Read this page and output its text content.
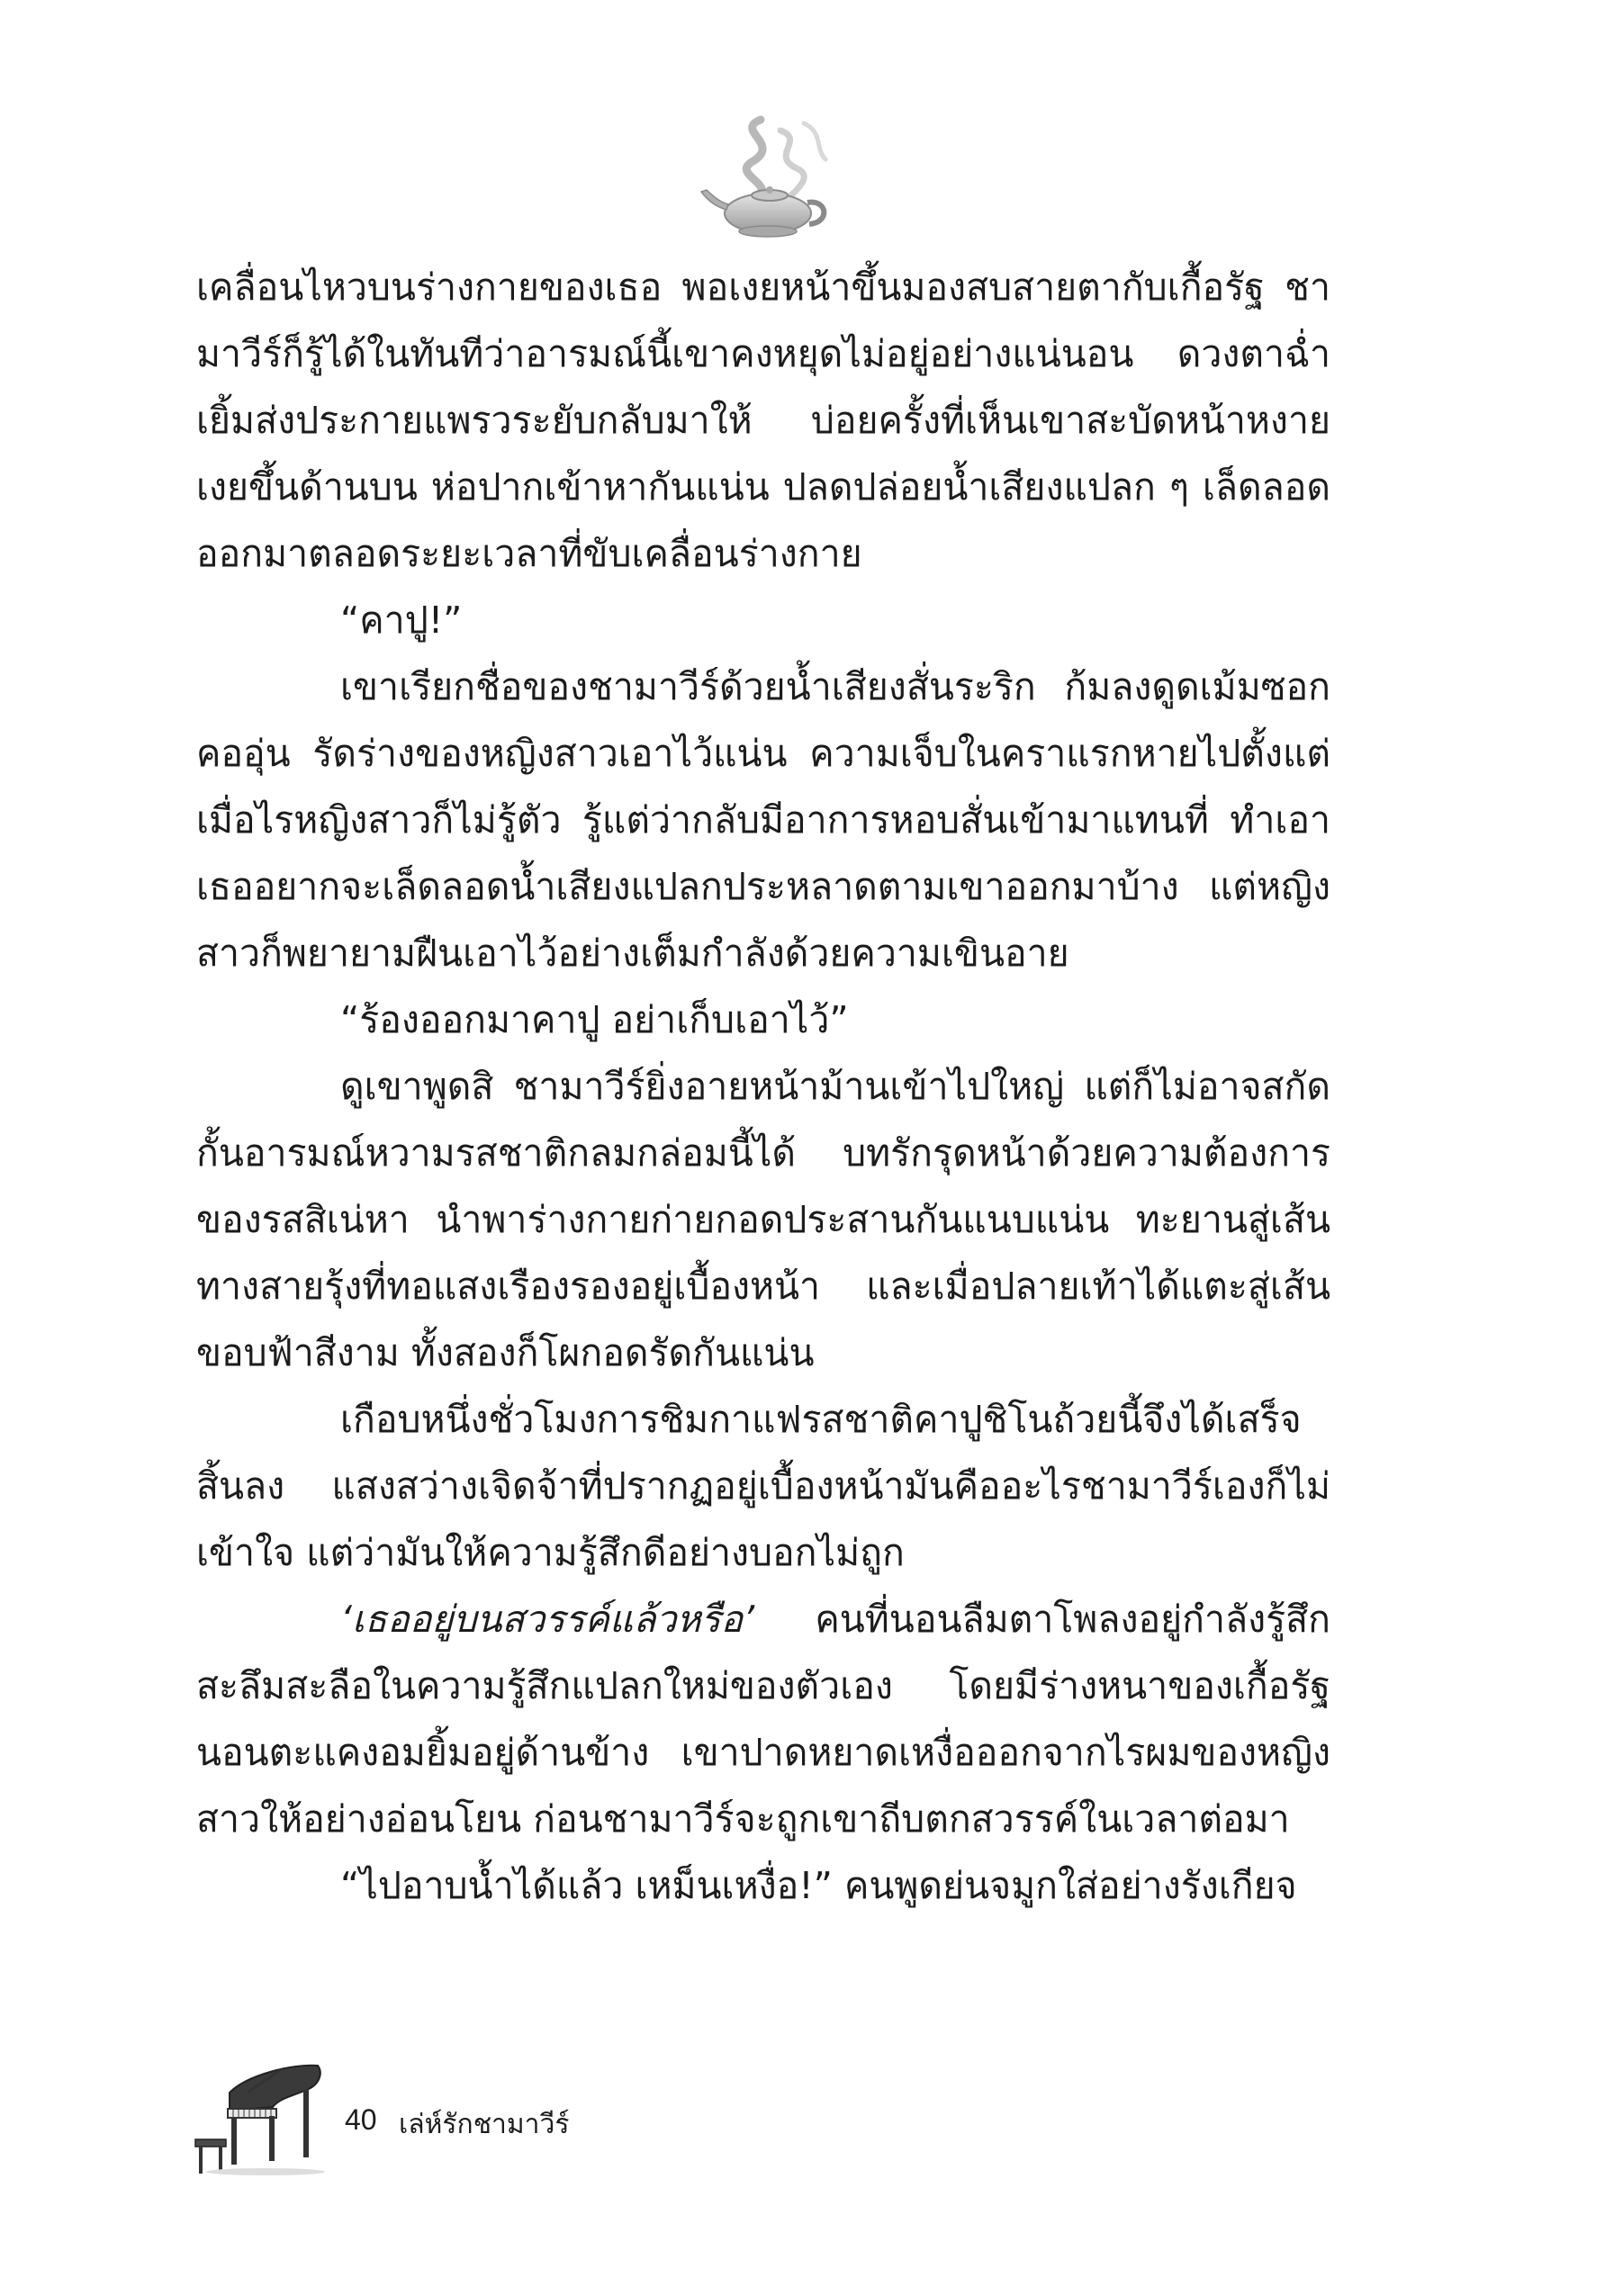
เคลื่อนไหวบนร่างกายของเธอ พอเงยหน้าขึ้นมองสบสายตากับเกื้อรัฐ ชามาวีร์ก็รู้ได้ในทันทีว่าอารมณ์นี้เขาคงหยุดไม่อยู่อย่างแน่นอน ดวงตาฉ่ำเยิ้มส่งประกายแพรวระยับกลับมาให้ บ่อยครั้งที่เห็นเขาสะบัดหน้าหงายเงยขึ้นด้านบน ห่อปากเข้าหากันแน่น ปลดปล่อยน้ำเสียงแปลก ๆ เล็ดลอดออกมาตลอดระยะเวลาที่ขับเคลื่อนร่างกาย

“คาปู!”

เขาเรียกชื่อของชามาวีร์ด้วยน้ำเสียงสั่นระริก ก้มลงดูดเม้มซอกคออุ่น รัดร่างของหญิงสาวเอาไว้แน่น ความเจ็บในคราแรกหายไปตั้งแต่เมื่อไรหญิงสาวก็ไม่รู้ตัว รู้แต่ว่ากลับมีอาการหอบสั่นเข้ามาแทนที่ ทำเอาเธออยากจะเล็ดลอดน้ำเสียงแปลกประหลาดตามเขาออกมาบ้าง แต่หญิงสาวก็พยายามฝืนเอาไว้อย่างเต็มกำลังด้วยความเขินอาย

“ร้องออกมาคาปู อย่าเก็บเอาไว้”

ดูเขาพูดสิ ชามาวีร์ยิ่งอายหน้าม้านเข้าไปใหญ่ แต่ก็ไม่อาจสกัดกั้นอารมณ์หวามรสชาติกลมกล่อมนี้ได้ บทรักรุดหน้าด้วยความต้องการของรสสิเน่หา นำพาร่างกายก่ายกอดประสานกันแนบแน่น ทะยานสู่เส้นทางสายรุ้งที่ทอแสงเรืองรองอยู่เบื้องหน้า และเมื่อปลายเท้าได้แตะสู่เส้นขอบฟ้าสีงาม ทั้งสองก็โผกอดรัดกันแน่น

เกือบหนึ่งชั่วโมงการชิมกาแฟรสชาติคาปูชิโนถ้วยนี้จึงได้เสร็จสิ้นลง แสงสว่างเจิดจ้าที่ปรากฏอยู่เบื้องหน้ามันคืออะไรชามาวีร์เองก็ไม่เข้าใจ แต่ว่ามันให้ความรู้สึกดีอย่างบอกไม่ถูก

‘เธออยู่บนสวรรค์แล้วหรือ’ คนที่นอนลืมตาโพลงอยู่กำลังรู้สึกสะลึมสะลือในความรู้สึกแปลกใหม่ของตัวเอง โดยมีร่างหนาของเกื้อรัฐนอนตะแคงอมยิ้มอยู่ด้านข้าง เขาปาดหยาดเหงื่อออกจากไรผมของหญิงสาวให้อย่างอ่อนโยน ก่อนชามาวีร์จะถูกเขาถีบตกสวรรค์ในเวลาต่อมา

“ไปอาบน้ำได้แล้ว เหม็นเหงื่อ!” คนพูดย่นจมูกใส่อย่างรังเกียจ

40 เล่ห์รักชามาวีร์
